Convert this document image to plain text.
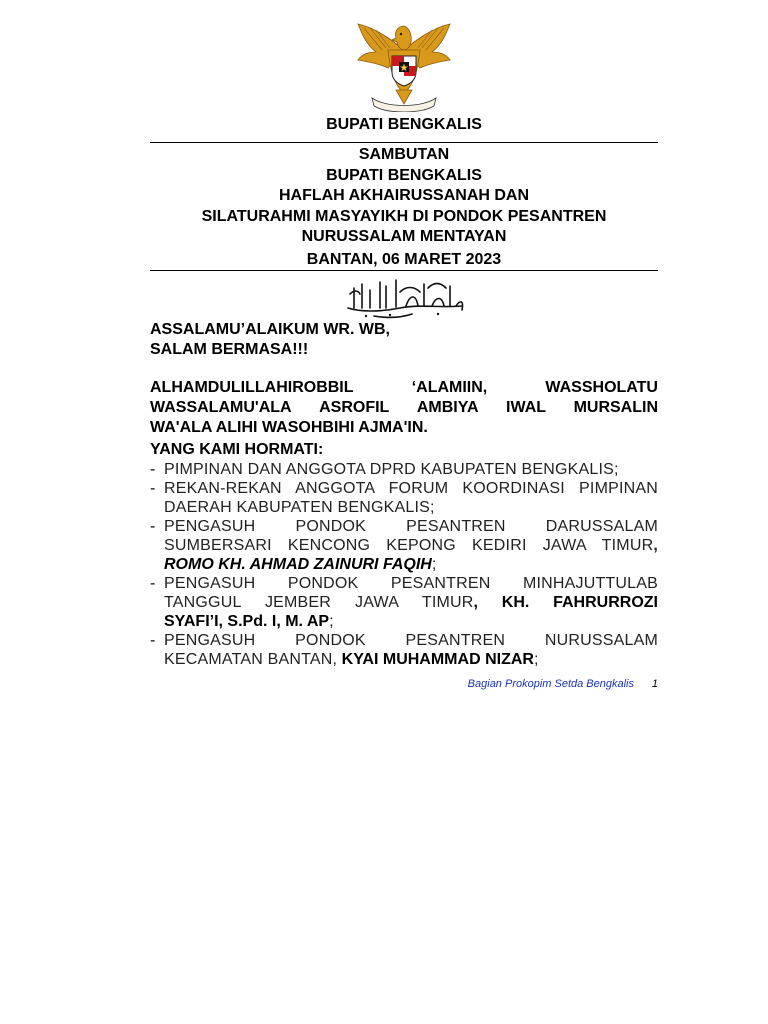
BUPATI BENGKALIS
SAMBUTAN
BUPATI BENGKALIS
HAFLAH AKHAIRUSSANAH DAN
SILATURAHMI MASYAYIKH DI PONDOK PESANTREN
NURUSSALAM MENTAYAN
BANTAN, 06 MARET 2023
ASSALAMU’ALAIKUM WR. WB,
SALAM BERMASA!!!
ALHAMDULILLAHIROBBIL	‘ALAMIIN,	WASSHOLATU
WASSALAMU'ALA ASROFIL AMBIYA IWAL MURSALIN
WA'ALA ALIHI WASOHBIHI AJMA'IN.
YANG KAMI HORMATI:
- PIMPINAN DAN ANGGOTA DPRD KABUPATEN BENGKALIS;
- REKAN-REKAN ANGGOTA FORUM KOORDINASI PIMPINAN
DAERAH KABUPATEN BENGKALIS;
- PENGASUH PONDOK PESANTREN DARUSSALAM
SUMBERSARI KENCONG KEPONG KEDIRI JAWA TIMUR,
ROMO KH. AHMAD ZAINURI FAQIH;
- PENGASUH PONDOK PESANTREN MINHAJUTTULAB
TANGGUL JEMBER JAWA TIMUR, KH. FAHRURROZI
SYAFI’I, S.Pd. I, M. AP;
- PENGASUH PONDOK PESANTREN NURUSSALAM
KECAMATAN BANTAN, KYAI MUHAMMAD NIZAR;
Bagian Prokopim Setda Bengkalis 1
